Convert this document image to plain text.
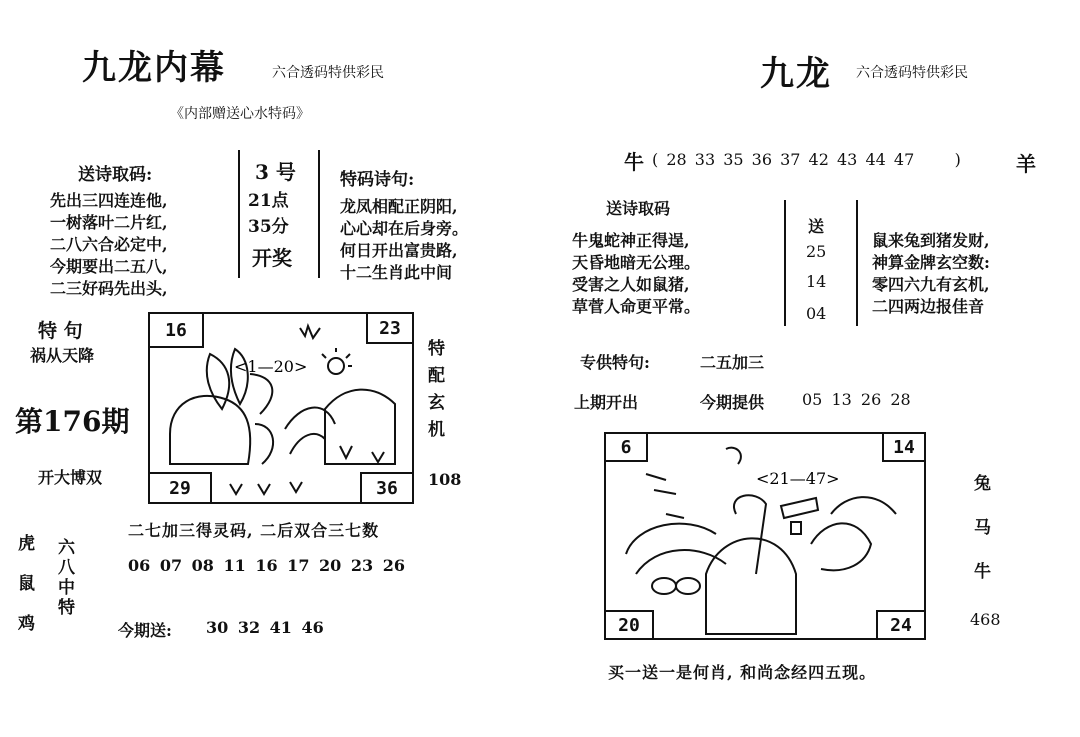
九龙内幕	六合透码特供彩民
《内部赠送心水特码》
送诗取码:
先出三四连连他,
一树落叶二片红,
二八六合必定中,
今期要出二五八,
二三好码先出头,
3 号
21点
35分
开奖
特码诗句:
龙凤相配正阴阳,
心心却在后身旁。
何日开出富贵路,
十二生肖此中间
特 句
祸从天降
第176期
开大博双
<1—20>
16	23
29	36
特
配
玄
机
108
二七加三得灵码, 二后双合三七数
虎
鼠
鸡
六
八
中
特
06 07 08 11 16 17 20 23 26
今期送: 30 32 41 46
九龙 六合透码特供彩民
牛 ( 28 33 35 36 37 42 43 44 47     )	羊
送诗取码
牛鬼蛇神正得逞,
天昏地暗无公理。
受害之人如鼠猪,
草菅人命更平常。
送
25
14
04
鼠来兔到猪发财,
神算金牌玄空数:
零四六九有玄机,
二四两边报佳音
专供特句:	二五加三
上期开出	今期提供 05 13 26 28
<21—47>
6	14
20	24
兔
马
牛
468
买一送一是何肖, 和尚念经四五现。
